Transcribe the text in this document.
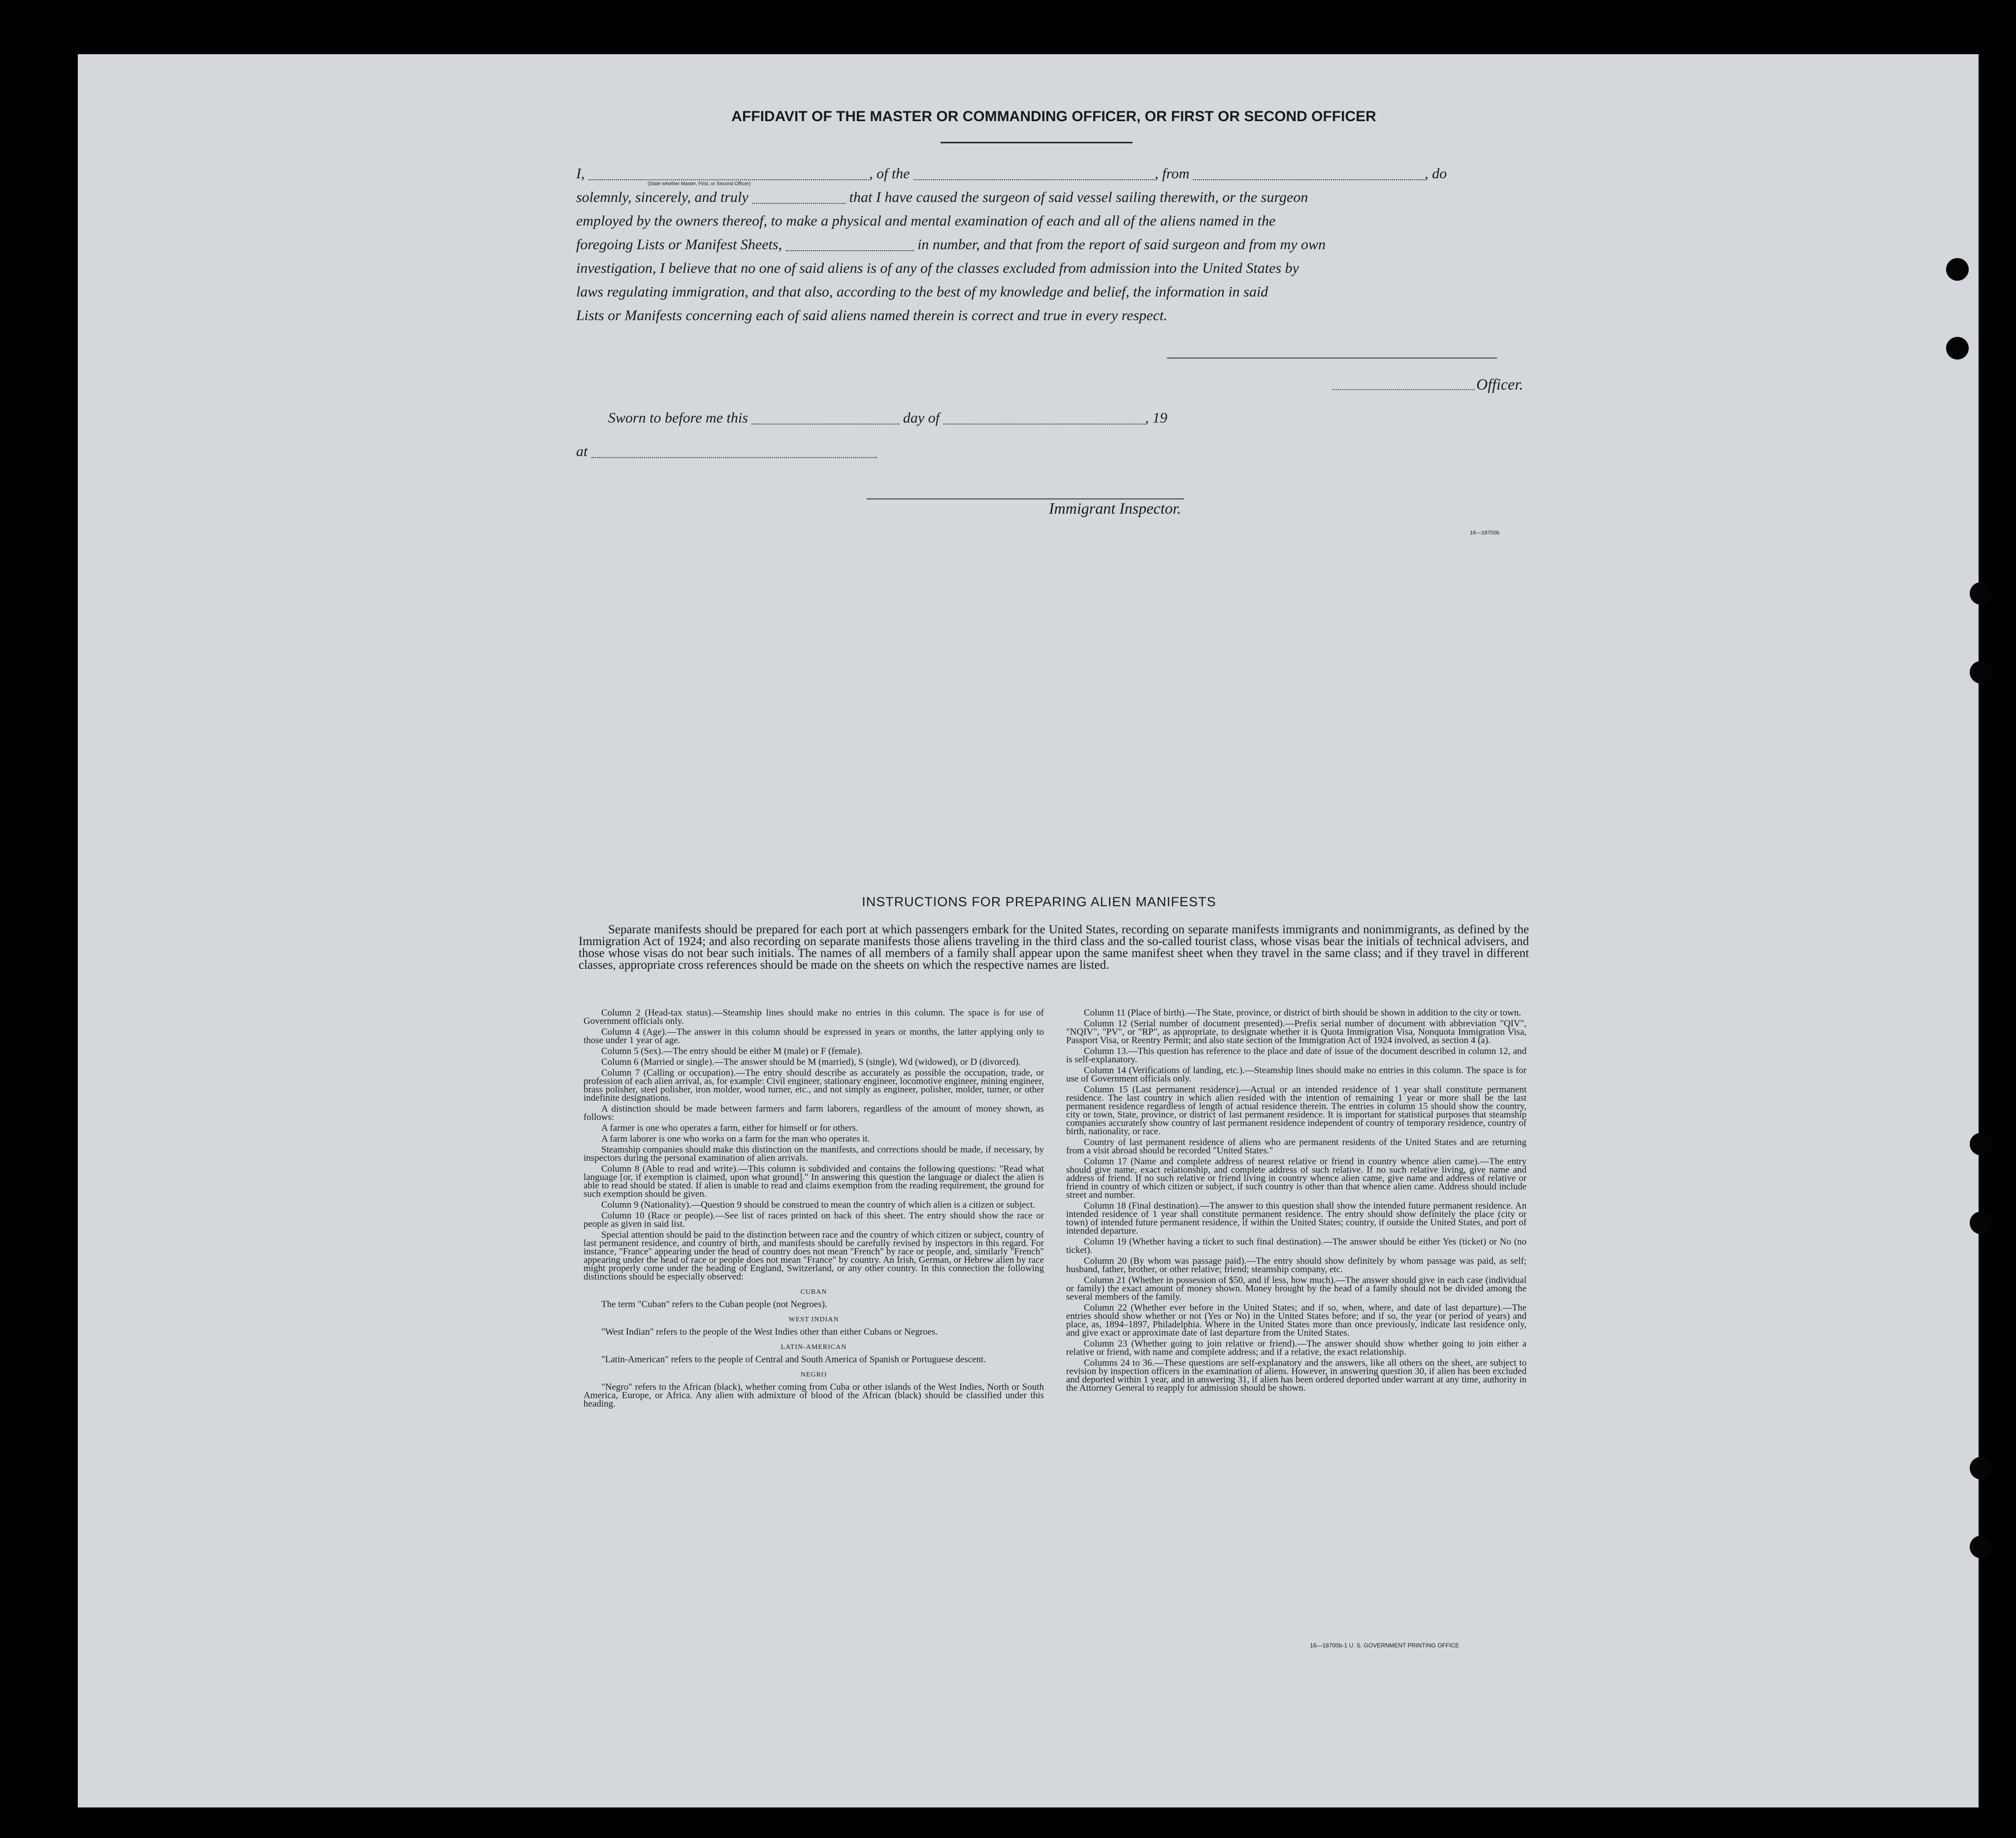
AFFIDAVIT OF THE MASTER OR COMMANDING OFFICER, OR FIRST OR SECOND OFFICER
I,	, of the	, from	, do
(State whether Master, First, or Second Officer)
solemnly, sincerely, and truly	that I have caused the surgeon of said vessel sailing therewith, or the surgeon
employed by the owners thereof, to make a physical and mental examination of each and all of the aliens named in the
foregoing Lists or Manifest Sheets,	in number, and that from the report of said surgeon and from my own
investigation, I believe that no one of said aliens is of any of the classes excluded from admission into the United States by
laws regulating immigration, and that also, according to the best of my knowledge and belief, the information in said
Lists or Manifests concerning each of said aliens named therein is correct and true in every respect.
Officer.
Sworn to before me this	day of	, 19
at
Immigrant Inspector.
16—18700b
INSTRUCTIONS FOR PREPARING ALIEN MANIFESTS
Separate manifests should be prepared for each port at which passengers embark for the United States, recording on separate manifests immigrants and nonimmigrants, as defined by the Immigration Act of 1924; and also recording on separate manifests those aliens traveling in the third class and the so-called tourist class, whose visas bear the initials of technical advisers, and those whose visas do not bear such initials. The names of all members of a family shall appear upon the same manifest sheet when they travel in the same class; and if they travel in different classes, appropriate cross references should be made on the sheets on which the respective names are listed.

Column 2 (Head-tax status).—Steamship lines should make no entries in this column. The space is for use of Government officials only.

Column 4 (Age).—The answer in this column should be expressed in years or months, the latter applying only to those under 1 year of age.

Column 5 (Sex).—The entry should be either M (male) or F (female).

Column 6 (Married or single).—The answer should be M (married), S (single), Wd (widowed), or D (divorced).

Column 7 (Calling or occupation).—The entry should describe as accurately as possible the occupation, trade, or profession of each alien arrival, as, for example: Civil engineer, stationary engineer, locomotive engineer, mining engineer, brass polisher, steel polisher, iron molder, wood turner, etc., and not simply as engineer, polisher, molder, turner, or other indefinite designations.

A distinction should be made between farmers and farm laborers, regardless of the amount of money shown, as follows:

A farmer is one who operates a farm, either for himself or for others.

A farm laborer is one who works on a farm for the man who operates it.

Steamship companies should make this distinction on the manifests, and corrections should be made, if necessary, by inspectors during the personal examination of alien arrivals.

Column 8 (Able to read and write).—This column is subdivided and contains the following questions: "Read what language [or, if exemption is claimed, upon what ground]." In answering this question the language or dialect the alien is able to read should be stated. If alien is unable to read and claims exemption from the reading requirement, the ground for such exemption should be given.

Column 9 (Nationality).—Question 9 should be construed to mean the country of which alien is a citizen or subject.

Column 10 (Race or people).—See list of races printed on back of this sheet. The entry should show the race or people as given in said list.

Special attention should be paid to the distinction between race and the country of which citizen or subject, country of last permanent residence, and country of birth, and manifests should be carefully revised by inspectors in this regard. For instance, "France" appearing under the head of country does not mean "French" by race or people, and, similarly "French" appearing under the head of race or people does not mean "France" by country. An Irish, German, or Hebrew alien by race might properly come under the heading of England, Switzerland, or any other country. In this connection the following distinctions should be especially observed:

CUBAN

The term "Cuban" refers to the Cuban people (not Negroes).

WEST INDIAN

"West Indian" refers to the people of the West Indies other than either Cubans or Negroes.

LATIN-AMERICAN

"Latin-American" refers to the people of Central and South America of Spanish or Portuguese descent.

NEGRO

"Negro" refers to the African (black), whether coming from Cuba or other islands of the West Indies, North or South America, Europe, or Africa. Any alien with admixture of blood of the African (black) should be classified under this heading.

Column 11 (Place of birth).—The State, province, or district of birth should be shown in addition to the city or town.

Column 12 (Serial number of document presented).—Prefix serial number of document with abbreviation "QIV", "NQIV", "PV", or "RP", as appropriate, to designate whether it is Quota Immigration Visa, Nonquota Immigration Visa, Passport Visa, or Reentry Permit; and also state section of the Immigration Act of 1924 involved, as section 4 (a).

Column 13.—This question has reference to the place and date of issue of the document described in column 12, and is self-explanatory.

Column 14 (Verifications of landing, etc.).—Steamship lines should make no entries in this column. The space is for use of Government officials only.

Column 15 (Last permanent residence).—Actual or an intended residence of 1 year shall constitute permanent residence. The last country in which alien resided with the intention of remaining 1 year or more shall be the last permanent residence regardless of length of actual residence therein. The entries in column 15 should show the country, city or town, State, province, or district of last permanent residence. It is important for statistical purposes that steamship companies accurately show country of last permanent residence independent of country of temporary residence, country of birth, nationality, or race.

Country of last permanent residence of aliens who are permanent residents of the United States and are returning from a visit abroad should be recorded "United States."

Column 17 (Name and complete address of nearest relative or friend in country whence alien came).—The entry should give name, exact relationship, and complete address of such relative. If no such relative living, give name and address of friend. If no such relative or friend living in country whence alien came, give name and address of relative or friend in country of which citizen or subject, if such country is other than that whence alien came. Address should include street and number.

Column 18 (Final destination).—The answer to this question shall show the intended future permanent residence. An intended residence of 1 year shall constitute permanent residence. The entry should show definitely the place (city or town) of intended future permanent residence, if within the United States; country, if outside the United States, and port of intended departure.

Column 19 (Whether having a ticket to such final destination).—The answer should be either Yes (ticket) or No (no ticket).

Column 20 (By whom was passage paid).—The entry should show definitely by whom passage was paid, as self; husband, father, brother, or other relative; friend; steamship company, etc.

Column 21 (Whether in possession of $50, and if less, how much).—The answer should give in each case (individual or family) the exact amount of money shown. Money brought by the head of a family should not be divided among the several members of the family.

Column 22 (Whether ever before in the United States; and if so, when, where, and date of last departure).—The entries should show whether or not (Yes or No) in the United States before; and if so, the year (or period of years) and place, as, 1894–1897, Philadelphia. Where in the United States more than once previously, indicate last residence only, and give exact or approximate date of last departure from the United States.

Column 23 (Whether going to join relative or friend).—The answer should show whether going to join either a relative or friend, with name and complete address; and if a relative, the exact relationship.

Columns 24 to 36.—These questions are self-explanatory and the answers, like all others on the sheet, are subject to revision by inspection officers in the examination of aliens. However, in answering question 30, if alien has been excluded and deported within 1 year, and in answering 31, if alien has been ordered deported under warrant at any time, authority in the Attorney General to reapply for admission should be shown.

16—18700b-1 U. S. GOVERNMENT PRINTING OFFICE
